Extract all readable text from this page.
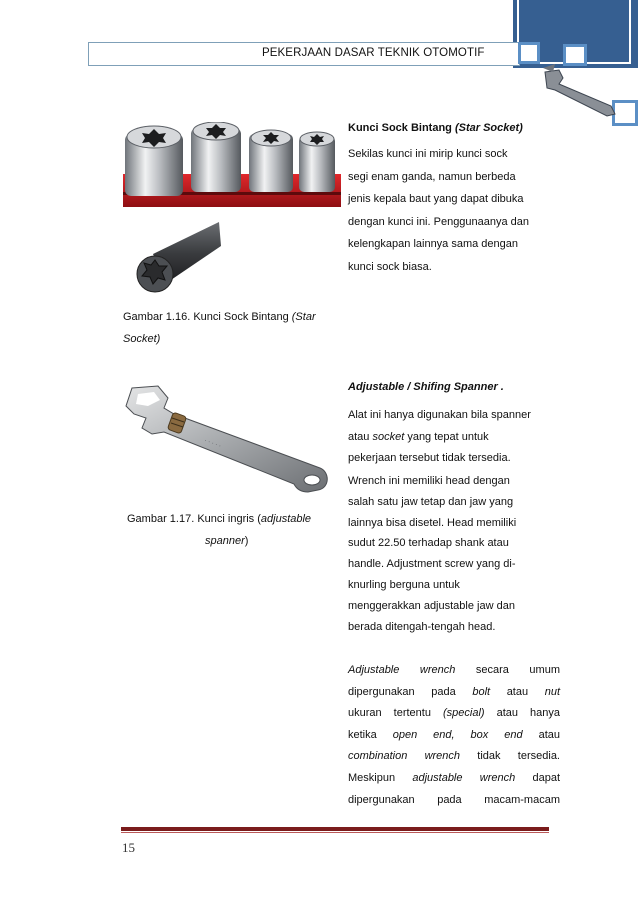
PEKERJAAN DASAR TEKNIK OTOMOTIF
Gambar 1.16. Kunci Sock Bintang (Star
Socket)
· · · · ·
Gambar 1.17. Kunci ingris (adjustable
spanner)

Kunci Sock Bintang (Star Socket)

Sekilas kunci ini mirip kunci sock
segi enam ganda, namun berbeda
jenis kepala baut yang dapat dibuka
dengan kunci ini. Penggunaanya dan
kelengkapan lainnya sama dengan
kunci sock biasa.

Adjustable / Shifing Spanner .

Alat ini hanya digunakan bila spanner
atau socket yang tepat untuk
pekerjaan tersebut tidak tersedia.

Wrench ini memiliki head dengan
salah satu jaw tetap dan jaw yang
lainnya bisa disetel. Head memiliki
sudut 22.50 terhadap shank atau
handle. Adjustment screw yang di-
knurling berguna untuk
menggerakkan adjustable jaw dan
berada ditengah-tengah head.

Adjustable wrench secara umum
dipergunakan pada bolt atau nut
ukuran tertentu (special) atau hanya
ketika open end, box end atau
combination wrench tidak tersedia.
Meskipun adjustable wrench dapat
dipergunakan pada macam-macam
15
